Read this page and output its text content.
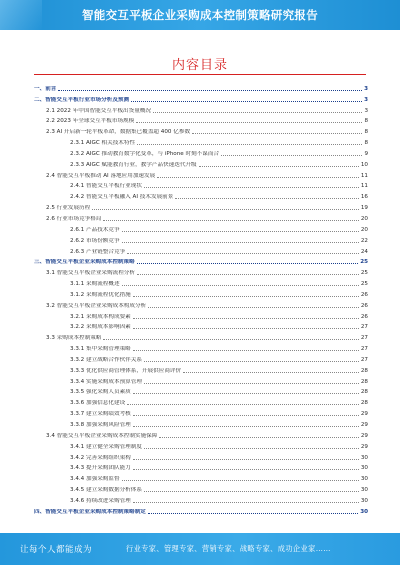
智能交互平板企业采购成本控制策略研究报告
内容目录
一、前言	3
二、智能交互平板行业市场分析及预测	3
2.1 2022 年中国智能交互平板出货量概况	3
2.2 2023 年全球交互平板市场规模	8
2.3 AI 开启新一轮平板革命，数据集已覆盖超 400 亿参数	8
2.3.1 AIGC 相关技术特性	8
2.3.2 AIGC 推动教育数字化变革，与 iPhone 时刻不谋而合	9
2.3.3 AIGC 赋能教育行业，教学产品快速迭代升级	10
2.4 智能交互平板推动 AI 落地应用加速发展	11
2.4.1 智能交互平板行业现状	11
2.4.2 智能交互平板融入 AI 技术发展前景	16
2.5 行业发展历程	19
2.6 行业市场竞争格局	20
2.6.1 产品技术竞争	20
2.6.2 市场份额竞争	22
2.6.3 产业链整合竞争	24
三、智能交互平板企业采购成本控制策略	25
3.1 智能交互平板企业采购流程分析	25
3.1.1 采购流程概述	25
3.1.2 采购流程优化措施	26
3.2 智能交互平板企业采购成本构成分析	26
3.2.1 采购成本构成要素	26
3.2.2 采购成本影响因素	27
3.3 采购成本控制策略	27
3.3.1 集中采购管理策略	27
3.3.2 建立战略合作伙伴关系	27
3.3.3 优化供应商管理体系，开展供应商评价	28
3.3.4 实施采购成本预算管理	28
3.3.5 强化采购人员素质	28
3.3.6 加强信息化建设	28
3.3.7 建立采购绩效考核	29
3.3.8 加强采购风险管理	29
3.4 智能交互平板企业采购成本控制实施保障	29
3.4.1 建立健全采购管理制度	29
3.4.2 完善采购组织架构	30
3.4.3 提升采购团队能力	30
3.4.4 加强采购监督	30
3.4.5 建立采购数据分析体系	30
3.4.6 持续改进采购管理	30
四、智能交互平板企业采购成本控制策略制定	30
让每个人都能成为	行业专家、管理专家、营销专家、战略专家、成功企业家……
